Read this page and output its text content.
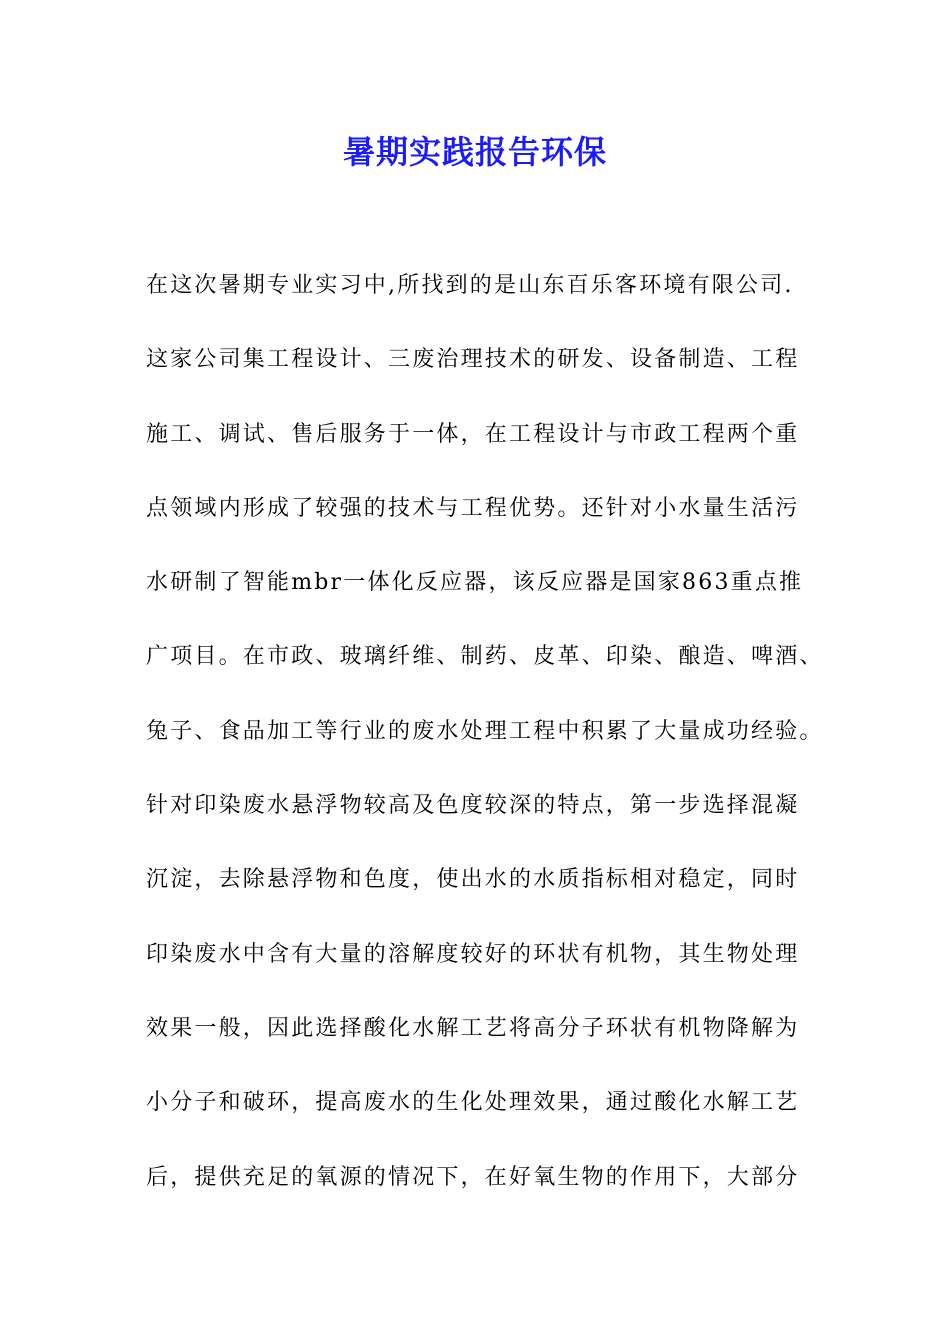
暑期实践报告环保
在这次暑期专业实习中,所找到的是山东百乐客环境有限公司.
这家公司集工程设计、三废治理技术的研发、设备制造、工程
施工、调试、售后服务于一体，在工程设计与市政工程两个重
点领域内形成了较强的技术与工程优势。还针对小水量生活污
水研制了智能mbr一体化反应器，该反应器是国家863重点推
广项目。在市政、玻璃纤维、制药、皮革、印染、酿造、啤酒、
兔子、食品加工等行业的废水处理工程中积累了大量成功经验。
针对印染废水悬浮物较高及色度较深的特点，第一步选择混凝
沉淀，去除悬浮物和色度，使出水的水质指标相对稳定，同时
印染废水中含有大量的溶解度较好的环状有机物，其生物处理
效果一般，因此选择酸化水解工艺将高分子环状有机物降解为
小分子和破环，提高废水的生化处理效果，通过酸化水解工艺
后，提供充足的氧源的情况下，在好氧生物的作用下，大部分
